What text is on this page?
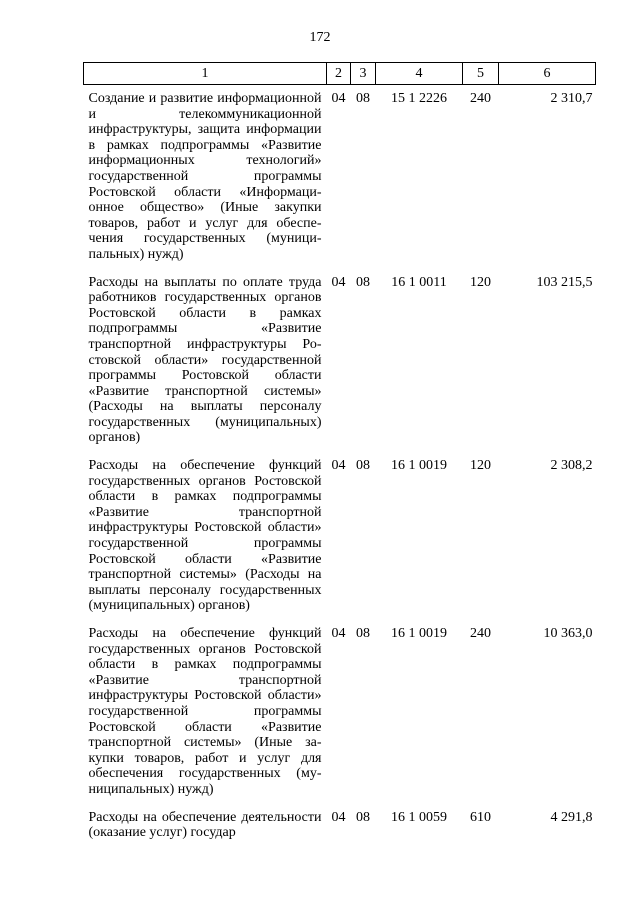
172
1	2	3	4	5	6
Создание и развитие информационной и телекоммуникационной инфраструктуры, защита информации в рамках подпрограммы «Развитие информационных технологий» государственной программы Ростовской области «Информационное общество» (Иные закупки товаров, работ и услуг для обеспечения государственных (муниципальных) нужд)	04	08	15 1 2226	240	2 310,7
Расходы на выплаты по оплате труда работников государственных органов Ростовской области в рамках подпрограммы «Развитие транспортной инфраструктуры Ростовской области» государственной программы Ростовской области «Развитие транспортной системы» (Расходы на выплаты персоналу государственных (муниципальных) органов)	04	08	16 1 0011	120	103 215,5
Расходы на обеспечение функций государственных органов Ростовской области в рамках подпрограммы «Развитие транспортной инфраструктуры Ростовской области» государственной программы Ростовской области «Развитие транспортной системы» (Расходы на выплаты персоналу государственных (муниципальных) органов)	04	08	16 1 0019	120	2 308,2
Расходы на обеспечение функций государственных органов Ростовской области в рамках подпрограммы «Развитие транспортной инфраструктуры Ростовской области» государственной программы Ростовской области «Развитие транспортной системы» (Иные закупки товаров, работ и услуг для обеспечения государственных (муниципальных) нужд)	04	08	16 1 0019	240	10 363,0
Расходы на обеспечение деятельности (оказание услуг) государ	04	08	16 1 0059	610	4 291,8
